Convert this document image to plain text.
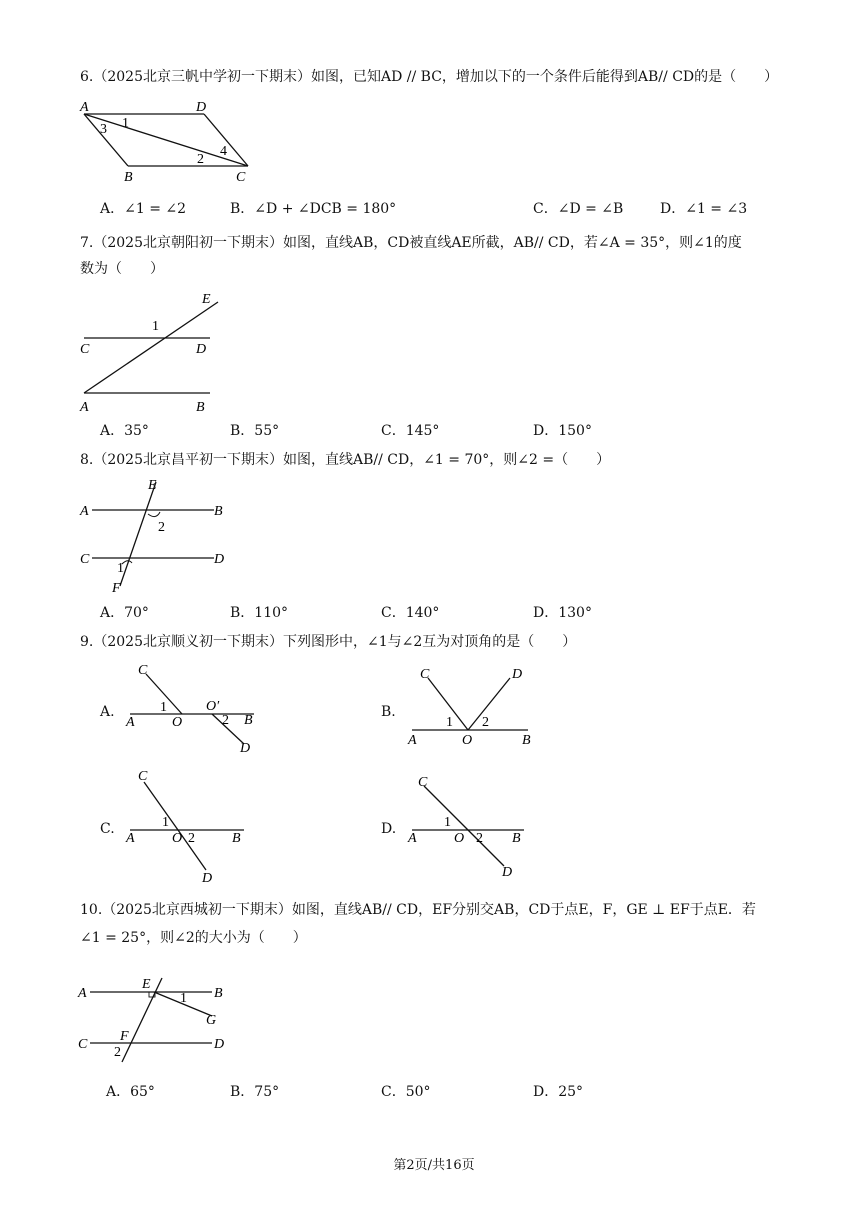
6.（2025北京三帆中学初一下期末）如图，已知AD // BC，增加以下的一个条件后能得到AB// CD的是（　　）
A	D
B	C
1
3
2
4
A．∠1 = ∠2	B．∠D + ∠DCB = 180°	C．∠D = ∠B	D．∠1 = ∠3
7.（2025北京朝阳初一下期末）如图，直线AB，CD被直线AE所截，AB// CD，若∠A = 35°，则∠1的度
数为（　　）
A	B
C	D
E
1
A．35°	B．55°	C．145°	D．150°
8.（2025北京昌平初一下期末）如图，直线AB// CD，∠1 = 70°，则∠2 =（　　）
A	B
C	D
E
F
2
1
A．70°	B．110°	C．140°	D．130°
9.（2025北京顺义初一下期末）下列图形中，∠1与∠2互为对顶角的是（　　）
A.
C
A	O
O′
B
D
1
2
B.
C	D
A	O	B
1 2
C.
C
A	O	B
D
1
2
D.
C
A	O	B
D
1
2
10.（2025北京西城初一下期末）如图，直线AB// CD，EF分别交AB，CD于点E，F，GE ⊥ EF于点E．若
∠1 = 25°，则∠2的大小为（　　）
A	B
C	D
E
F
G
1
2
A．65°	B．75°	C．50°	D．25°
第2页/共16页
